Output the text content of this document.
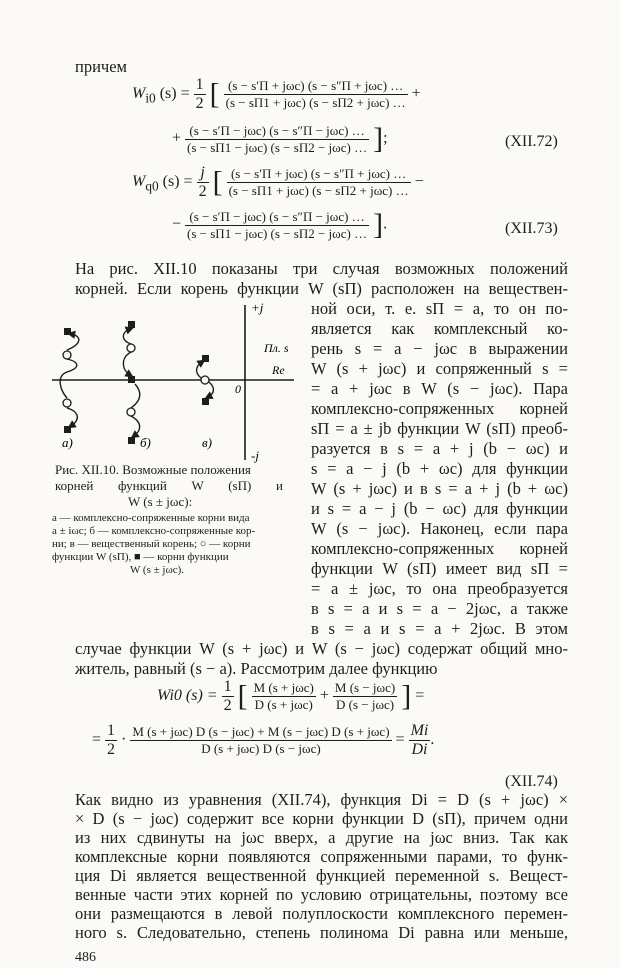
причем
$W_{i0}$ $(s) = \frac{1}{2}$ [ $\frac{\text{(s − s′П + jωc) (s − s″П + jωc) …}}{\text{(s − sП1 + jωc) (s − sП2 + jωc) …}}$ +
+ $\frac{\text{(s − s′П − jωc) (s − s″П − jωc) …}}{\text{(s − sП1 − jωc) (s − sП2 − jωc) …}}$ ];	(XII.72)
$W_{q0}$ $(s) = \frac{j}{2}$ [ $\frac{\text{(s − s′П + jωc) (s − s″П + jωc) …}}{\text{(s − sП1 + jωc) (s − sП2 + jωc) …}}$ −
− $\frac{\text{(s − s′П − jωc) (s − s″П − jωc) …}}{\text{(s − sП1 − jωc) (s − sП2 − jωc) …}}$ ].	(XII.73)
На рис. XII.10 показаны три случая возможных положений
корней. Если корень функции W (sП) расположен на веществен-
ной оси, т. е. sП = a, то он по-
является как комплексный ко-
рень s = a − jωc в выражении
W (s + jωc) и сопряженный s =
= a + jωc в W (s − jωc). Пара
комплексно-сопряженных корней
sП = a ± jb функции W (sП) преоб-
разуется в s = a + j (b − ωc) и
s = a − j (b + ωc) для функции
W (s + jωc) и в s = a + j (b + ωc)
и s = a − j (b − ωc) для функции
W (s − jωc). Наконец, если пара
комплексно-сопряженных корней
функции W (sП) имеет вид sП =
= a ± jωc, то она преобразуется
в s = a и s = a − 2jωc, а также
в s = a и s = a + 2jωc. В этом
+j
-j
Пл. s
Re
0
а)	б)	в)
Рис. XII.10. Возможные положения
корней функций W (sП) и
W (s ± jωc):
а — комплексно-сопряженные корни вида
a ± iωc; б — комплексно-сопряженные кор-
ни; в — вещественный корень; ○ — корни
функции W (sП), ■ — корни функции
W (s ± jωc).
случае функции W (s + jωc) и W (s − jωc) содержат общий мно-
житель, равный (s − a). Рассмотрим далее функцию
Wi0 $(s) = \frac{1}{2}$ [ $\frac{\text{M (s + jωc)}}{\text{D (s + jωc)}} + \frac{\text{M (s − jωc)}}{\text{D (s − jωc)}}$ ] =
= $\frac{1}{2} \cdot \frac{\text{M (s + jωc) D (s − jωc) + M (s − jωc) D (s + jωc)}}{\text{D (s + jωc) D (s − jωc)}} = \frac{Mi}{Di}$ .
(XII.74)
Как видно из уравнения (XII.74), функция Di = D (s + jωc) ×
× D (s − jωc) содержит все корни функции D (sП), причем одни
из них сдвинуты на jωc вверх, а другие на jωc вниз. Так как
комплексные корни появляются сопряженными парами, то функ-
ция Di является вещественной функцией переменной s. Вещест-
венные части этих корней по условию отрицательны, поэтому все
они размещаются в левой полуплоскости комплексного перемен-
ного s. Следовательно, степень полинома Di равна или меньше,
486
